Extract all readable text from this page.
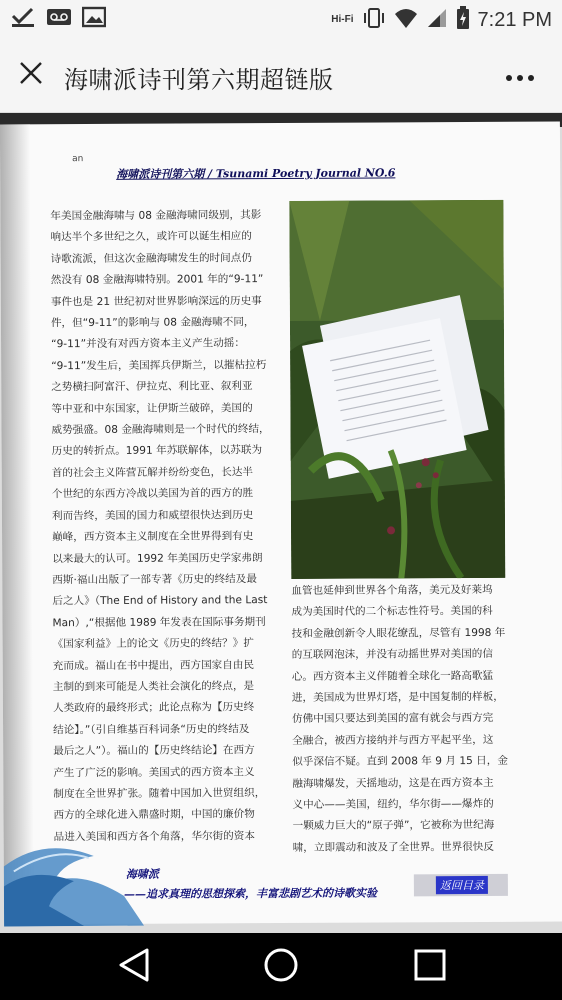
Hi-Fi	7:21 PM
海啸派诗刊第六期超链版
an
海啸派诗刊第六期 / Tsunami Poetry Journal NO.6
年美国金融海啸与 08 金融海啸同级别，其影
响达半个多世纪之久，或许可以诞生相应的
诗歌流派，但这次金融海啸发生的时间点仍
然没有 08 金融海啸特别。2001 年的“9-11”
事件也是 21 世纪初对世界影响深远的历史事
件，但“9-11”的影响与 08 金融海啸不同，
“9-11”并没有对西方资本主义产生动摇：
“9-11”发生后，美国挥兵伊斯兰，以摧枯拉朽
之势横扫阿富汗、伊拉克、利比亚、叙利亚
等中亚和中东国家，让伊斯兰破碎，美国的
威势强盛。08 金融海啸则是一个时代的终结，
历史的转折点。1991 年苏联解体，以苏联为
首的社会主义阵营瓦解并纷纷变色，长达半
个世纪的东西方冷战以美国为首的西方的胜
利而告终，美国的国力和威望很快达到历史
巅峰，西方资本主义制度在全世界得到有史
以来最大的认可。1992 年美国历史学家弗朗
西斯·福山出版了一部专著《历史的终结及最
后之人》（The End of History and the Last
Man）,“根据他 1989 年发表在国际事务期刊
《国家利益》上的论文《历史的终结？》扩
充而成。福山在书中提出，西方国家自由民
主制的到来可能是人类社会演化的终点，是
人类政府的最终形式；此论点称为【历史终
结论】。”（引自维基百科词条“历史的终结及
最后之人”）。福山的【历史终结论】在西方
产生了广泛的影响。美国式的西方资本主义
制度在全世界扩张。随着中国加入世贸组织，
西方的全球化进入鼎盛时期，中国的廉价物
品进入美国和西方各个角落，华尔街的资本
血管也延伸到世界各个角落，美元及好莱坞
成为美国时代的二个标志性符号。美国的科
技和金融创新令人眼花缭乱，尽管有 1998 年
的互联网泡沫，并没有动摇世界对美国的信
心。西方资本主义伴随着全球化一路高歌猛
进，美国成为世界灯塔，是中国复制的样板，
仿佛中国只要达到美国的富有就会与西方完
全融合，被西方接纳并与西方平起平坐，这
似乎深信不疑。直到 2008 年 9 月 15 日，金
融海啸爆发，天摇地动，这是在西方资本主
义中心——美国，纽约，华尔街——爆炸的
一颗威力巨大的“原子弹”，它被称为世纪海
啸，立即震动和波及了全世界。世界很快反
海啸派
——追求真理的思想探索，丰富悲剧艺术的诗歌实验
返回目录
